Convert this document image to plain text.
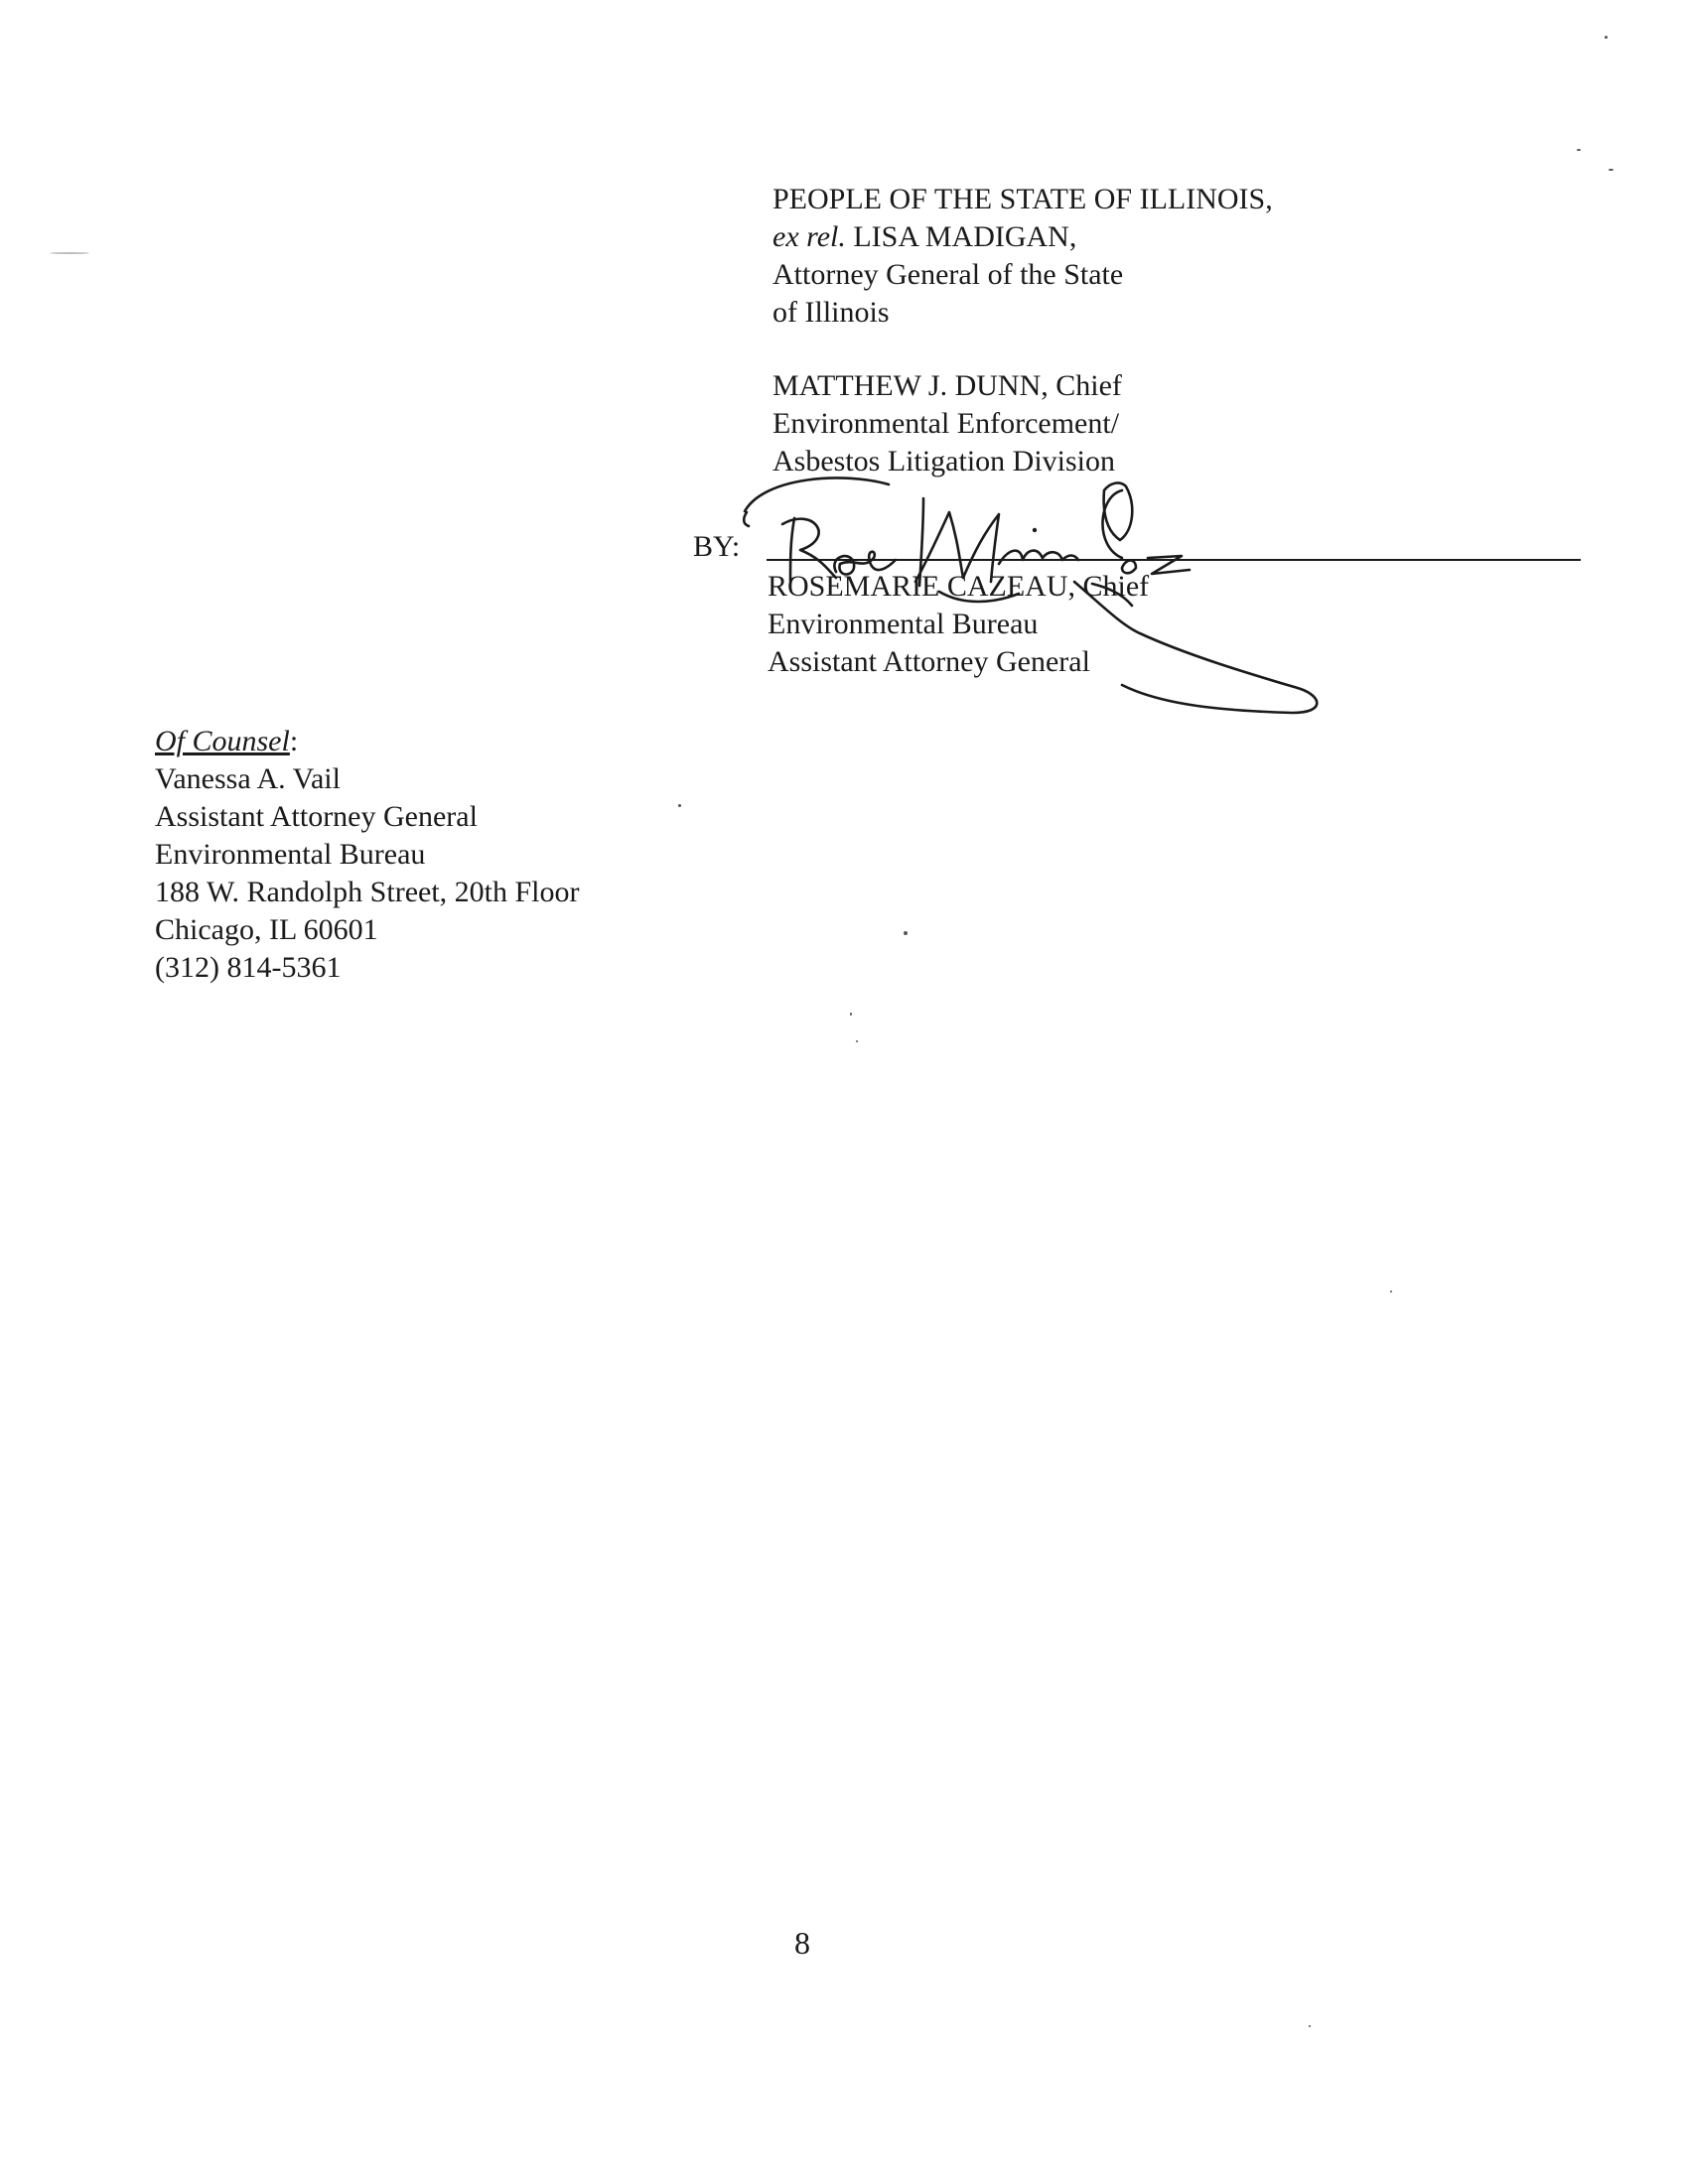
PEOPLE OF THE STATE OF ILLINOIS,
ex rel. LISA MADIGAN,
Attorney General of the State
of Illinois
MATTHEW J. DUNN, Chief
Environmental Enforcement/
Asbestos Litigation Division
BY:
ROSEMARIE CAZEAU, Chief
Environmental Bureau
Assistant Attorney General
Of Counsel:
Vanessa A. Vail
Assistant Attorney General
Environmental Bureau
188 W. Randolph Street, 20th Floor
Chicago, IL 60601
(312) 814-5361
8
